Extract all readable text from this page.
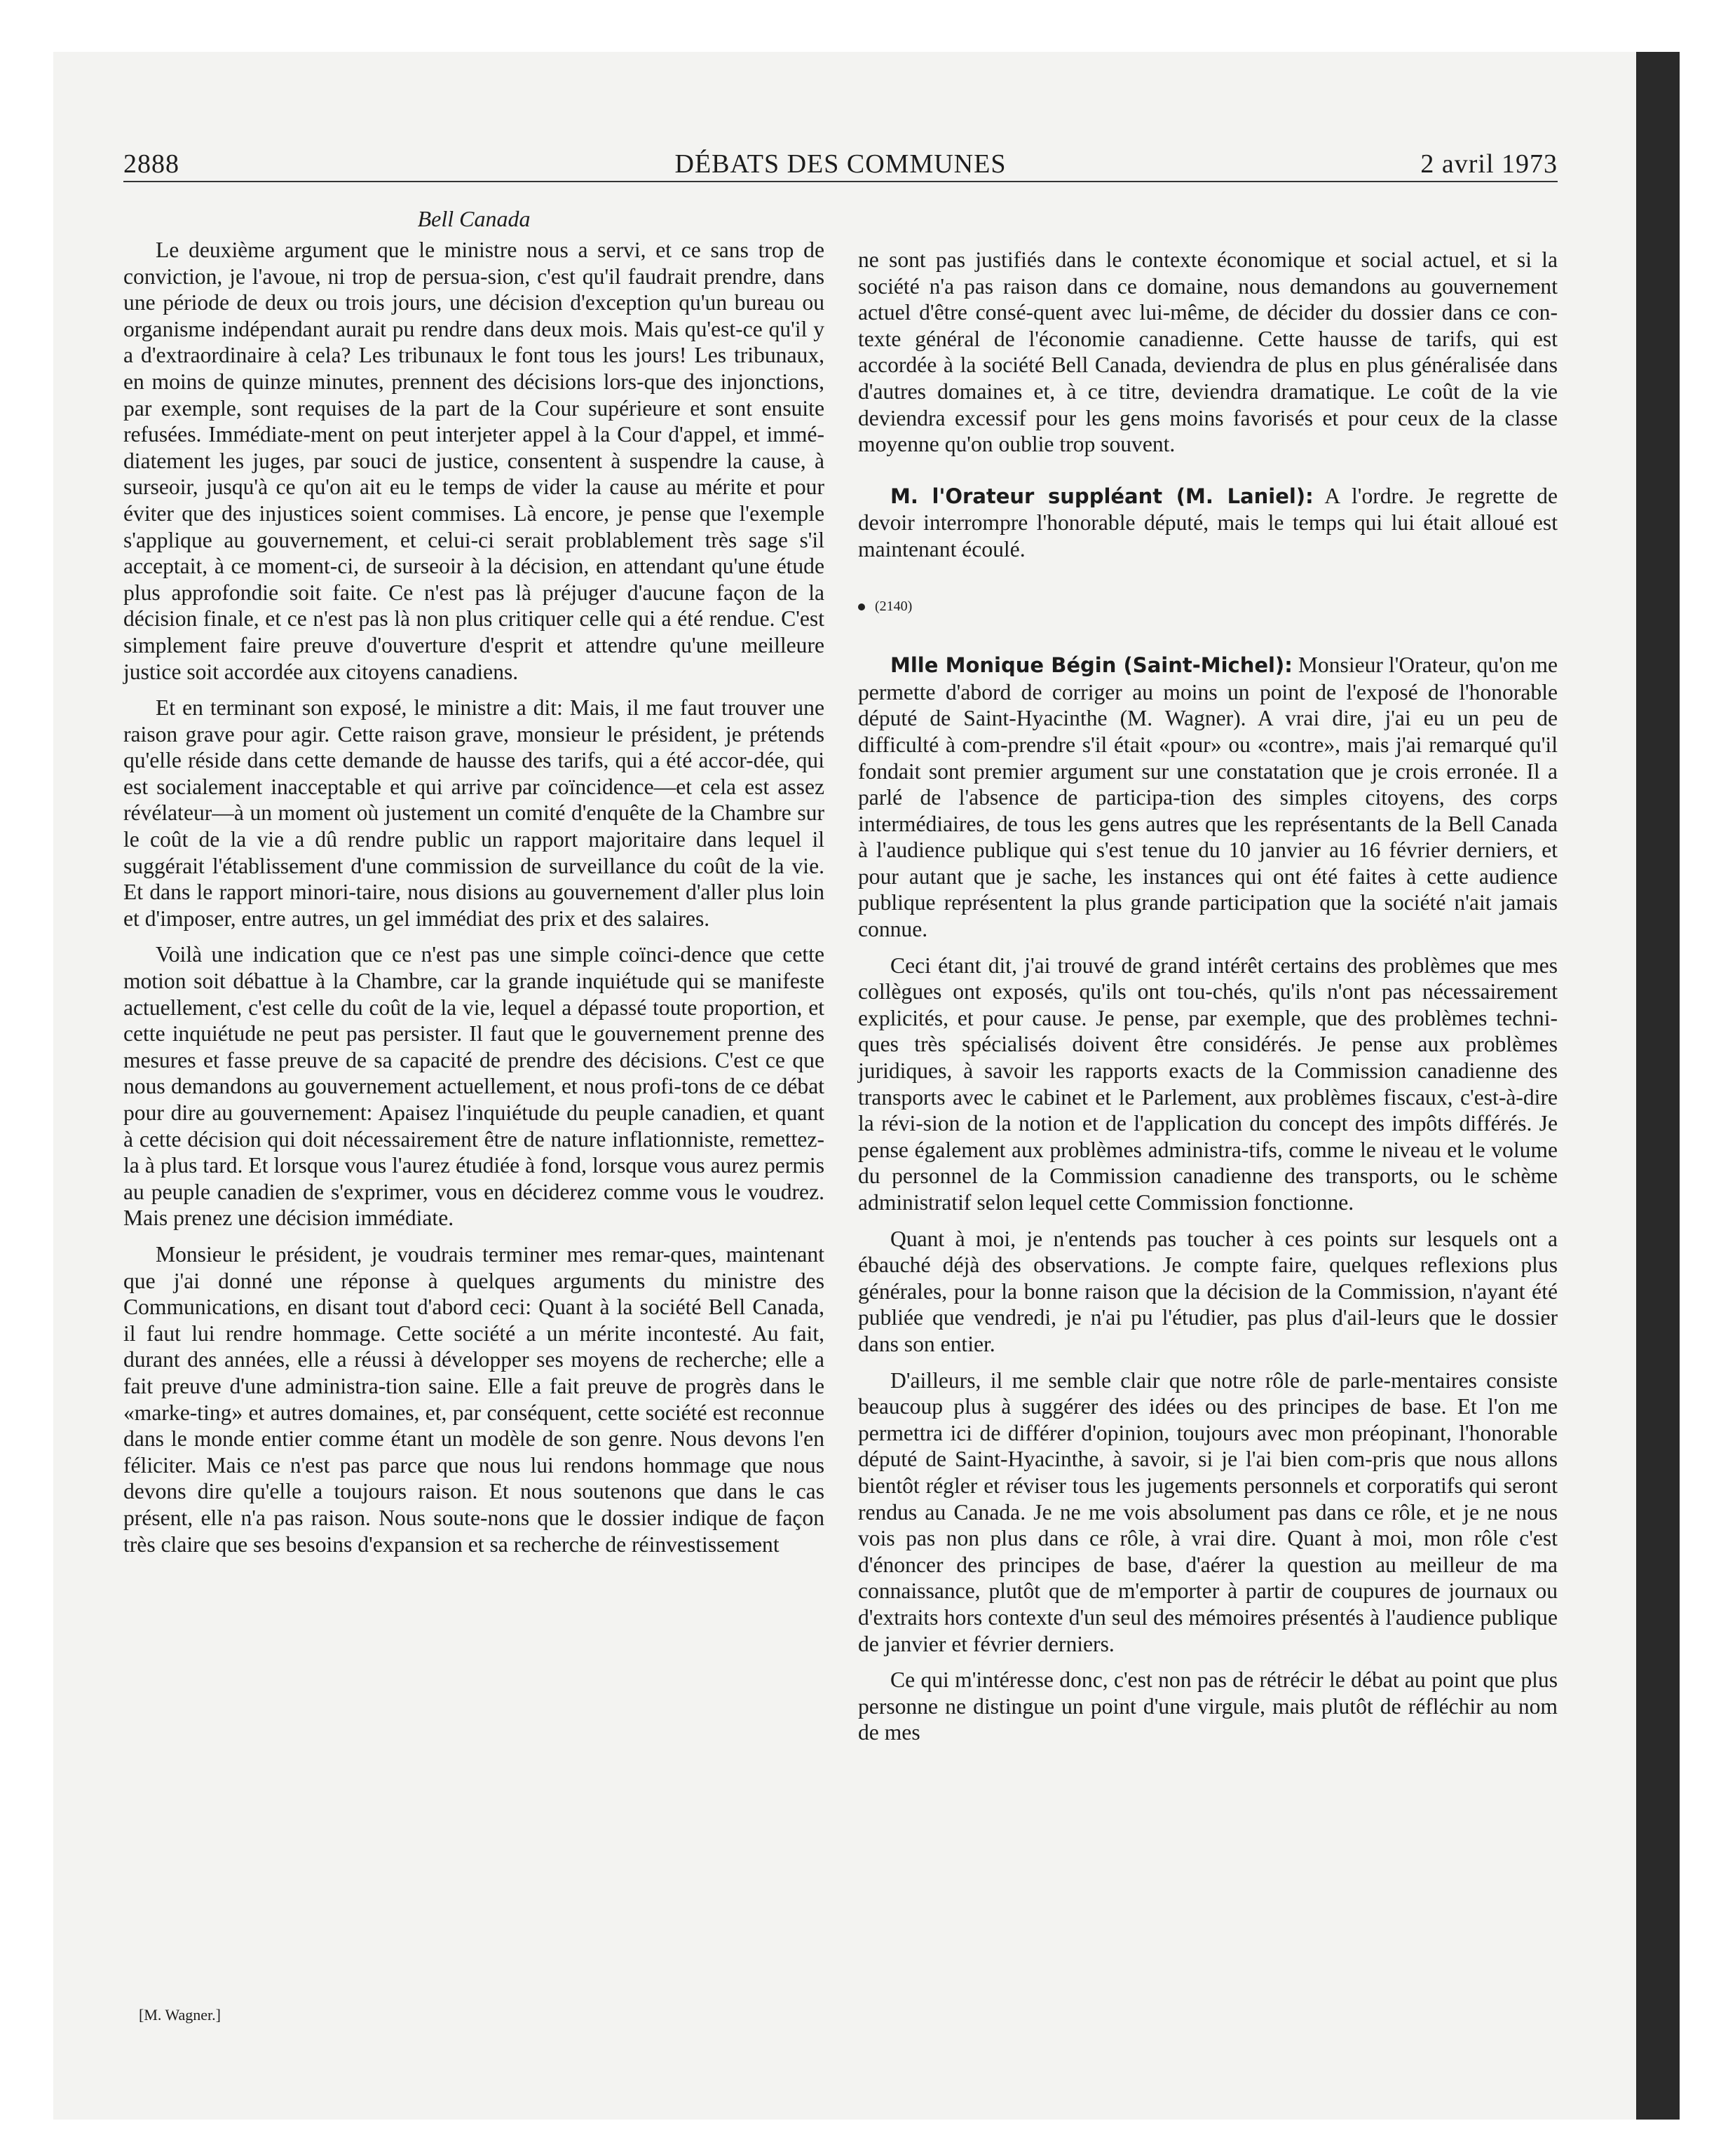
2888	DÉBATS DES COMMUNES	2 avril 1973
Bell Canada

Le deuxième argument que le ministre nous a servi, et ce sans trop de conviction, je l'avoue, ni trop de persua-sion, c'est qu'il faudrait prendre, dans une période de deux ou trois jours, une décision d'exception qu'un bureau ou organisme indépendant aurait pu rendre dans deux mois. Mais qu'est-ce qu'il y a d'extraordinaire à cela? Les tribunaux le font tous les jours! Les tribunaux, en moins de quinze minutes, prennent des décisions lors-que des injonctions, par exemple, sont requises de la part de la Cour supérieure et sont ensuite refusées. Immédiate-ment on peut interjeter appel à la Cour d'appel, et immé-diatement les juges, par souci de justice, consentent à suspendre la cause, à surseoir, jusqu'à ce qu'on ait eu le temps de vider la cause au mérite et pour éviter que des injustices soient commises. Là encore, je pense que l'exemple s'applique au gouvernement, et celui-ci serait problablement très sage s'il acceptait, à ce moment-ci, de surseoir à la décision, en attendant qu'une étude plus approfondie soit faite. Ce n'est pas là préjuger d'aucune façon de la décision finale, et ce n'est pas là non plus critiquer celle qui a été rendue. C'est simplement faire preuve d'ouverture d'esprit et attendre qu'une meilleure justice soit accordée aux citoyens canadiens.

Et en terminant son exposé, le ministre a dit: Mais, il me faut trouver une raison grave pour agir. Cette raison grave, monsieur le président, je prétends qu'elle réside dans cette demande de hausse des tarifs, qui a été accor-dée, qui est socialement inacceptable et qui arrive par coïncidence—et cela est assez révélateur—à un moment où justement un comité d'enquête de la Chambre sur le coût de la vie a dû rendre public un rapport majoritaire dans lequel il suggérait l'établissement d'une commission de surveillance du coût de la vie. Et dans le rapport minori-taire, nous disions au gouvernement d'aller plus loin et d'imposer, entre autres, un gel immédiat des prix et des salaires.

Voilà une indication que ce n'est pas une simple coïnci-dence que cette motion soit débattue à la Chambre, car la grande inquiétude qui se manifeste actuellement, c'est celle du coût de la vie, lequel a dépassé toute proportion, et cette inquiétude ne peut pas persister. Il faut que le gouvernement prenne des mesures et fasse preuve de sa capacité de prendre des décisions. C'est ce que nous demandons au gouvernement actuellement, et nous profi-tons de ce débat pour dire au gouvernement: Apaisez l'inquiétude du peuple canadien, et quant à cette décision qui doit nécessairement être de nature inflationniste, remettez-la à plus tard. Et lorsque vous l'aurez étudiée à fond, lorsque vous aurez permis au peuple canadien de s'exprimer, vous en déciderez comme vous le voudrez. Mais prenez une décision immédiate.

Monsieur le président, je voudrais terminer mes remar-ques, maintenant que j'ai donné une réponse à quelques arguments du ministre des Communications, en disant tout d'abord ceci: Quant à la société Bell Canada, il faut lui rendre hommage. Cette société a un mérite incontesté. Au fait, durant des années, elle a réussi à développer ses moyens de recherche; elle a fait preuve d'une administra-tion saine. Elle a fait preuve de progrès dans le «marke-ting» et autres domaines, et, par conséquent, cette société est reconnue dans le monde entier comme étant un modèle de son genre. Nous devons l'en féliciter. Mais ce n'est pas parce que nous lui rendons hommage que nous devons dire qu'elle a toujours raison. Et nous soutenons que dans le cas présent, elle n'a pas raison. Nous soute-nons que le dossier indique de façon très claire que ses besoins d'expansion et sa recherche de réinvestissement

ne sont pas justifiés dans le contexte économique et social actuel, et si la société n'a pas raison dans ce domaine, nous demandons au gouvernement actuel d'être consé-quent avec lui-même, de décider du dossier dans ce con-texte général de l'économie canadienne. Cette hausse de tarifs, qui est accordée à la société Bell Canada, deviendra de plus en plus généralisée dans d'autres domaines et, à ce titre, deviendra dramatique. Le coût de la vie deviendra excessif pour les gens moins favorisés et pour ceux de la classe moyenne qu'on oublie trop souvent.

M. l'Orateur suppléant (M. Laniel): A l'ordre. Je regrette de devoir interrompre l'honorable député, mais le temps qui lui était alloué est maintenant écoulé.

(2140)

Mlle Monique Bégin (Saint-Michel): Monsieur l'Orateur, qu'on me permette d'abord de corriger au moins un point de l'exposé de l'honorable député de Saint-Hyacinthe (M. Wagner). A vrai dire, j'ai eu un peu de difficulté à com-prendre s'il était «pour» ou «contre», mais j'ai remarqué qu'il fondait sont premier argument sur une constatation que je crois erronée. Il a parlé de l'absence de participa-tion des simples citoyens, des corps intermédiaires, de tous les gens autres que les représentants de la Bell Canada à l'audience publique qui s'est tenue du 10 janvier au 16 février derniers, et pour autant que je sache, les instances qui ont été faites à cette audience publique représentent la plus grande participation que la société n'ait jamais connue.

Ceci étant dit, j'ai trouvé de grand intérêt certains des problèmes que mes collègues ont exposés, qu'ils ont tou-chés, qu'ils n'ont pas nécessairement explicités, et pour cause. Je pense, par exemple, que des problèmes techni-ques très spécialisés doivent être considérés. Je pense aux problèmes juridiques, à savoir les rapports exacts de la Commission canadienne des transports avec le cabinet et le Parlement, aux problèmes fiscaux, c'est-à-dire la révi-sion de la notion et de l'application du concept des impôts différés. Je pense également aux problèmes administra-tifs, comme le niveau et le volume du personnel de la Commission canadienne des transports, ou le schème administratif selon lequel cette Commission fonctionne.

Quant à moi, je n'entends pas toucher à ces points sur lesquels ont a ébauché déjà des observations. Je compte faire, quelques reflexions plus générales, pour la bonne raison que la décision de la Commission, n'ayant été publiée que vendredi, je n'ai pu l'étudier, pas plus d'ail-leurs que le dossier dans son entier.

D'ailleurs, il me semble clair que notre rôle de parle-mentaires consiste beaucoup plus à suggérer des idées ou des principes de base. Et l'on me permettra ici de différer d'opinion, toujours avec mon préopinant, l'honorable député de Saint-Hyacinthe, à savoir, si je l'ai bien com-pris que nous allons bientôt régler et réviser tous les jugements personnels et corporatifs qui seront rendus au Canada. Je ne me vois absolument pas dans ce rôle, et je ne nous vois pas non plus dans ce rôle, à vrai dire. Quant à moi, mon rôle c'est d'énoncer des principes de base, d'aérer la question au meilleur de ma connaissance, plutôt que de m'emporter à partir de coupures de journaux ou d'extraits hors contexte d'un seul des mémoires présentés à l'audience publique de janvier et février derniers.

Ce qui m'intéresse donc, c'est non pas de rétrécir le débat au point que plus personne ne distingue un point d'une virgule, mais plutôt de réfléchir au nom de mes

[M. Wagner.]
